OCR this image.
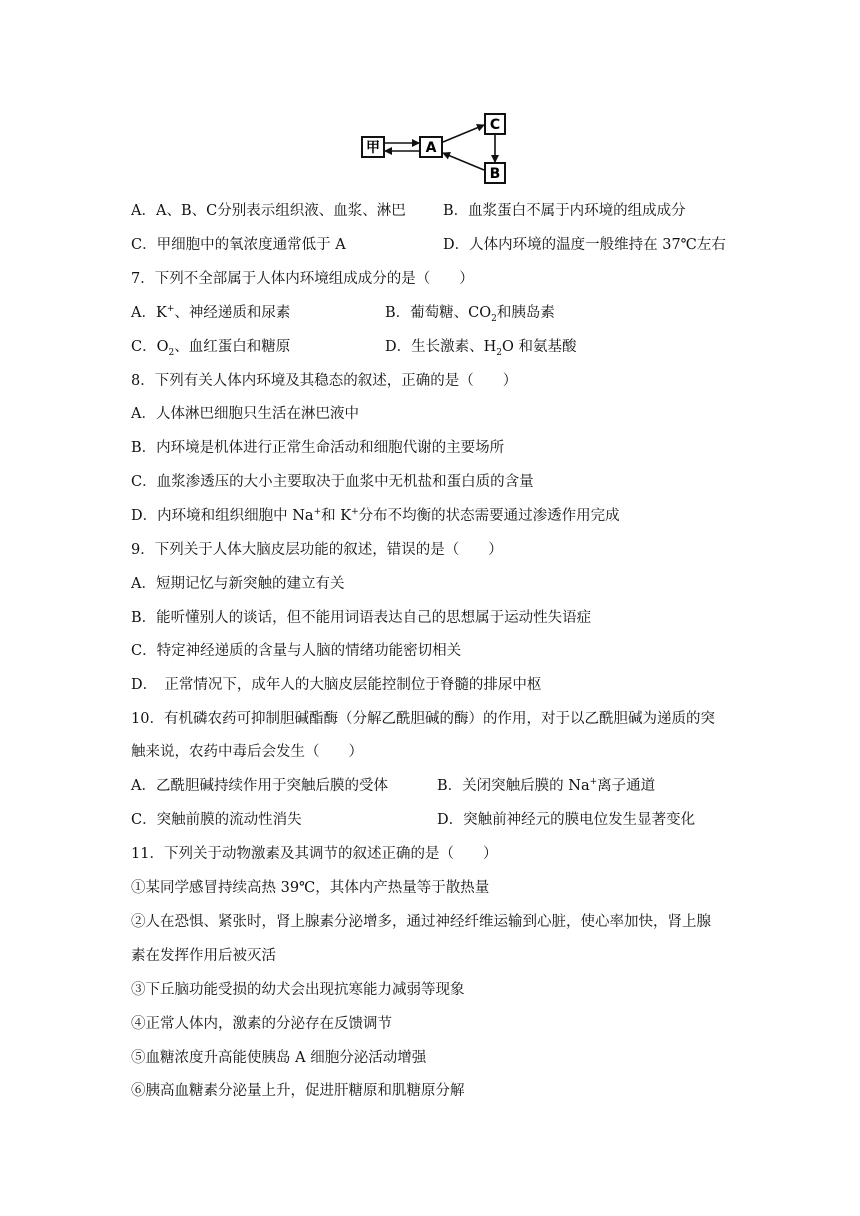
甲	A
C
B
A．A、B、C分别表示组织液、血浆、淋巴	B．血浆蛋白不属于内环境的组成成分
C．甲细胞中的氧浓度通常低于 A	D．人体内环境的温度一般维持在 37℃左右
7．下列不全部属于人体内环境组成成分的是（　　）
A．K+、神经递质和尿素	B．葡萄糖、$CO_2$和胰岛素
C．$O_2$、血红蛋白和糖原	D．生长激素、$H_2O$ 和氨基酸
8．下列有关人体内环境及其稳态的叙述，正确的是（　　）
A．人体淋巴细胞只生活在淋巴液中
B．内环境是机体进行正常生命活动和细胞代谢的主要场所
C．血浆渗透压的大小主要取决于血浆中无机盐和蛋白质的含量
D．内环境和组织细胞中 Na+和 K+分布不均衡的状态需要通过渗透作用完成
9．下列关于人体大脑皮层功能的叙述，错误的是（　　）
A．短期记忆与新突触的建立有关
B．能听懂别人的谈话，但不能用词语表达自己的思想属于运动性失语症
C．特定神经递质的含量与人脑的情绪功能密切相关
D．　正常情况下，成年人的大脑皮层能控制位于脊髓的排尿中枢
10．有机磷农药可抑制胆碱酯酶（分解乙酰胆碱的酶）的作用，对于以乙酰胆碱为递质的突
触来说，农药中毒后会发生（　　）
A．乙酰胆碱持续作用于突触后膜的受体	B．关闭突触后膜的 Na+离子通道
C．突触前膜的流动性消失	D．突触前神经元的膜电位发生显著变化
11．下列关于动物激素及其调节的叙述正确的是（　　）
①某同学感冒持续高热 39℃，其体内产热量等于散热量
②人在恐惧、紧张时，肾上腺素分泌增多，通过神经纤维运输到心脏，使心率加快，肾上腺
素在发挥作用后被灭活
③下丘脑功能受损的幼犬会出现抗寒能力减弱等现象
④正常人体内，激素的分泌存在反馈调节
⑤血糖浓度升高能使胰岛 A 细胞分泌活动增强
⑥胰高血糖素分泌量上升，促进肝糖原和肌糖原分解
